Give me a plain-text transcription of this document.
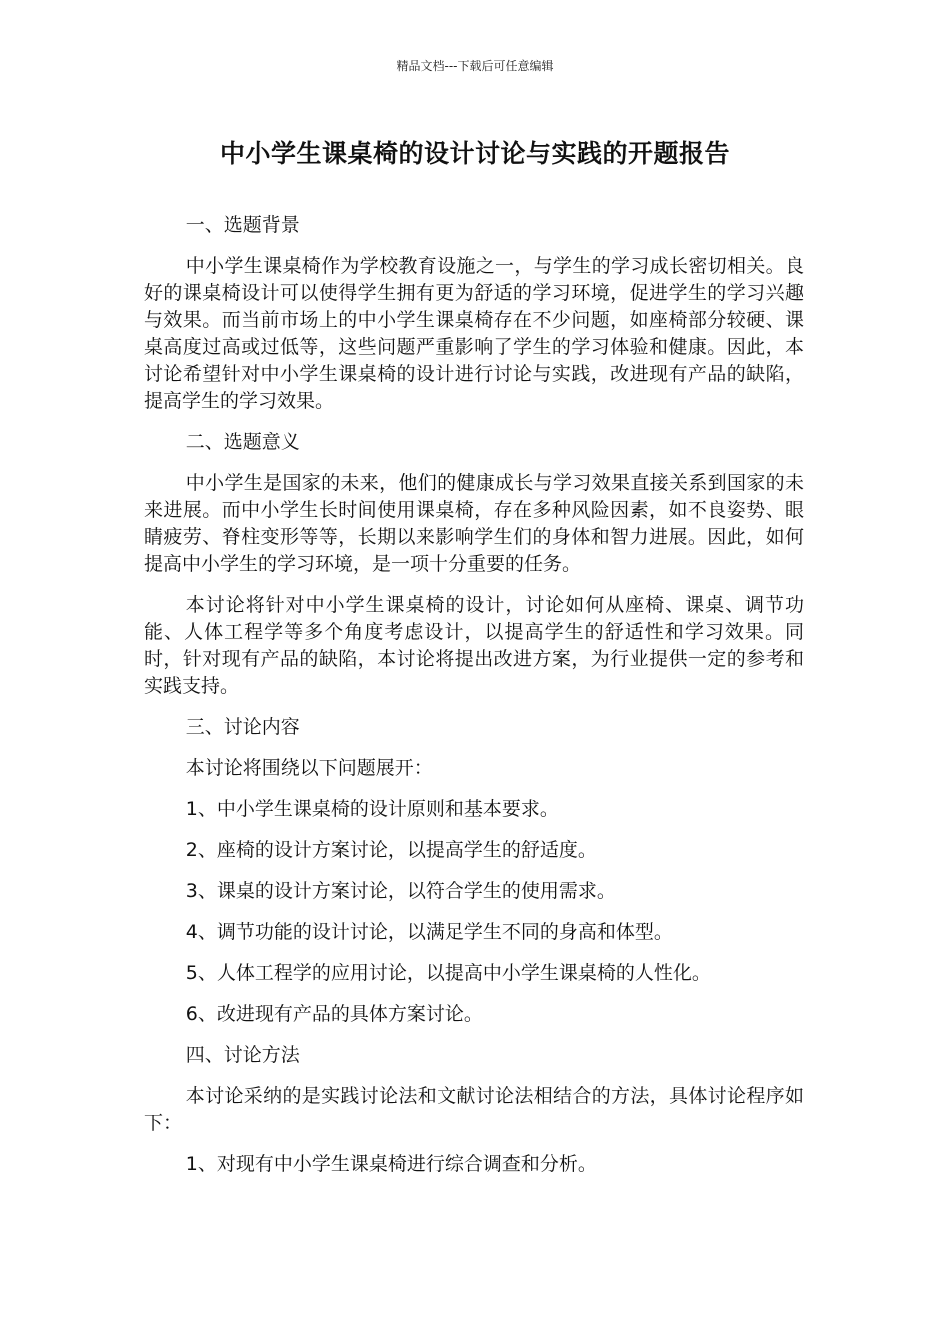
精品文档---下载后可任意编辑
中小学生课桌椅的设计讨论与实践的开题报告

一、选题背景

中小学生课桌椅作为学校教育设施之一，与学生的学习成长密切相关。良好的课桌椅设计可以使得学生拥有更为舒适的学习环境，促进学生的学习兴趣与效果。而当前市场上的中小学生课桌椅存在不少问题，如座椅部分较硬、课桌高度过高或过低等，这些问题严重影响了学生的学习体验和健康。因此，本讨论希望针对中小学生课桌椅的设计进行讨论与实践，改进现有产品的缺陷，提高学生的学习效果。

二、选题意义

中小学生是国家的未来，他们的健康成长与学习效果直接关系到国家的未来进展。而中小学生长时间使用课桌椅，存在多种风险因素，如不良姿势、眼睛疲劳、脊柱变形等等，长期以来影响学生们的身体和智力进展。因此，如何提高中小学生的学习环境，是一项十分重要的任务。

本讨论将针对中小学生课桌椅的设计，讨论如何从座椅、课桌、调节功能、人体工程学等多个角度考虑设计，以提高学生的舒适性和学习效果。同时，针对现有产品的缺陷，本讨论将提出改进方案，为行业提供一定的参考和实践支持。

三、讨论内容

本讨论将围绕以下问题展开：

1、中小学生课桌椅的设计原则和基本要求。

2、座椅的设计方案讨论，以提高学生的舒适度。

3、课桌的设计方案讨论，以符合学生的使用需求。

4、调节功能的设计讨论，以满足学生不同的身高和体型。

5、人体工程学的应用讨论，以提高中小学生课桌椅的人性化。

6、改进现有产品的具体方案讨论。

四、讨论方法

本讨论采纳的是实践讨论法和文献讨论法相结合的方法，具体讨论程序如下：

1、对现有中小学生课桌椅进行综合调查和分析。
